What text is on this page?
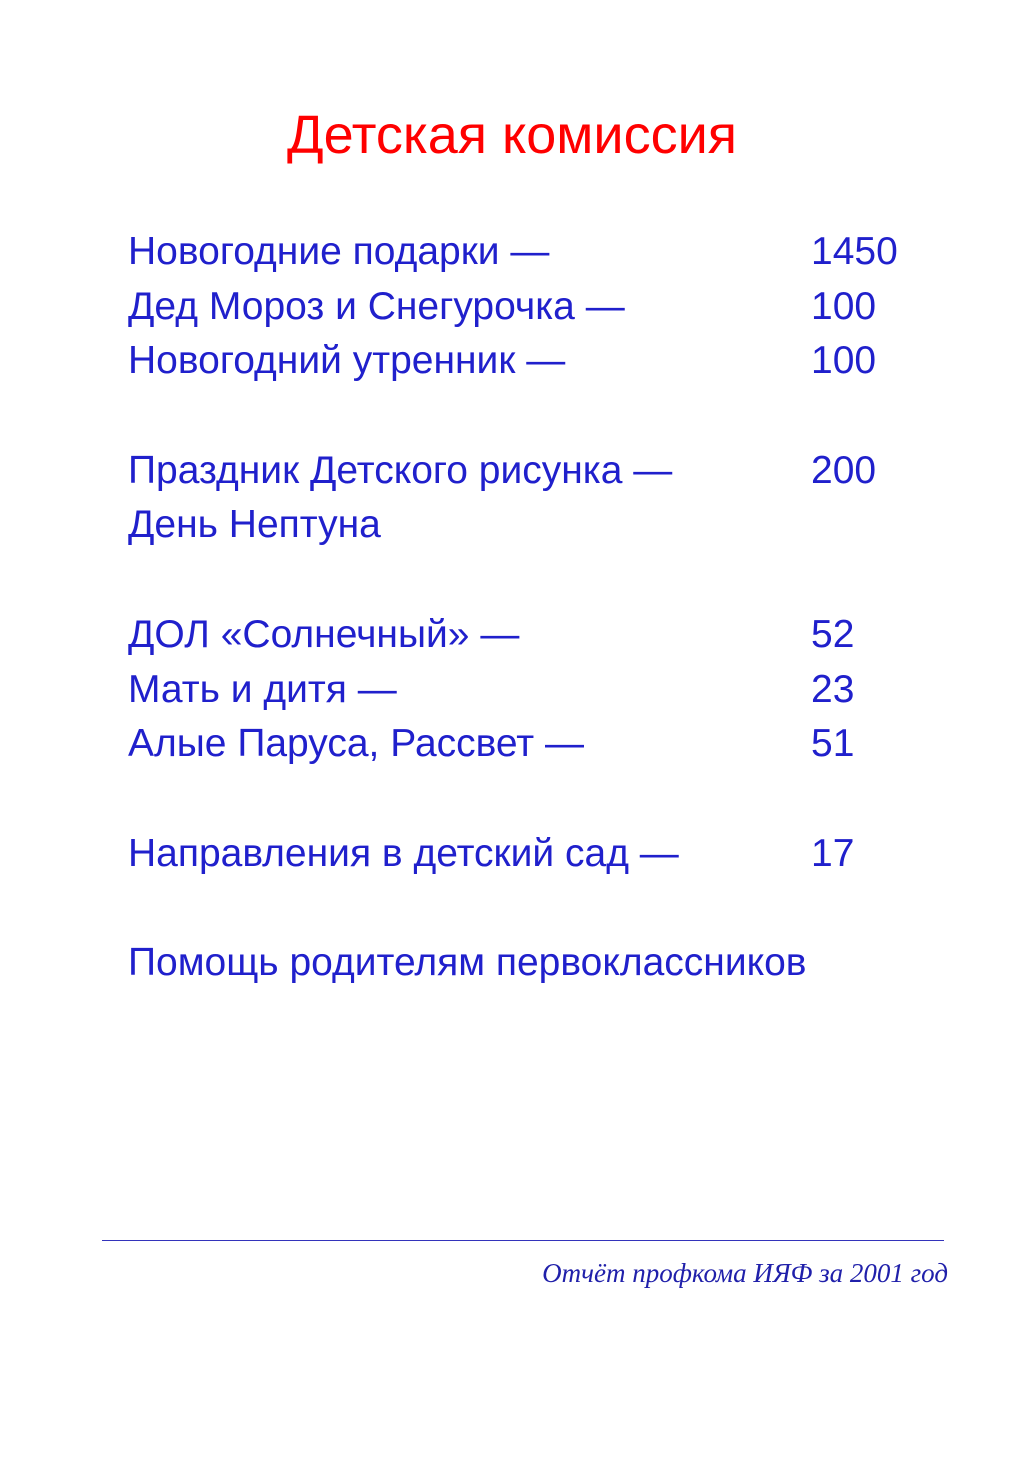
Детская комиссия
Новогодние подарки —	1450
Дед Мороз и Снегурочка —	100
Новогодний утренник —	100
Праздник Детского рисунка —	200
День Нептуна
ДОЛ «Солнечный» —	52
Мать и дитя —	23
Алые Паруса, Рассвет —	51
Направления в детский сад —	17
Помощь родителям первоклассников
Отчёт профкома ИЯФ за 2001 год
